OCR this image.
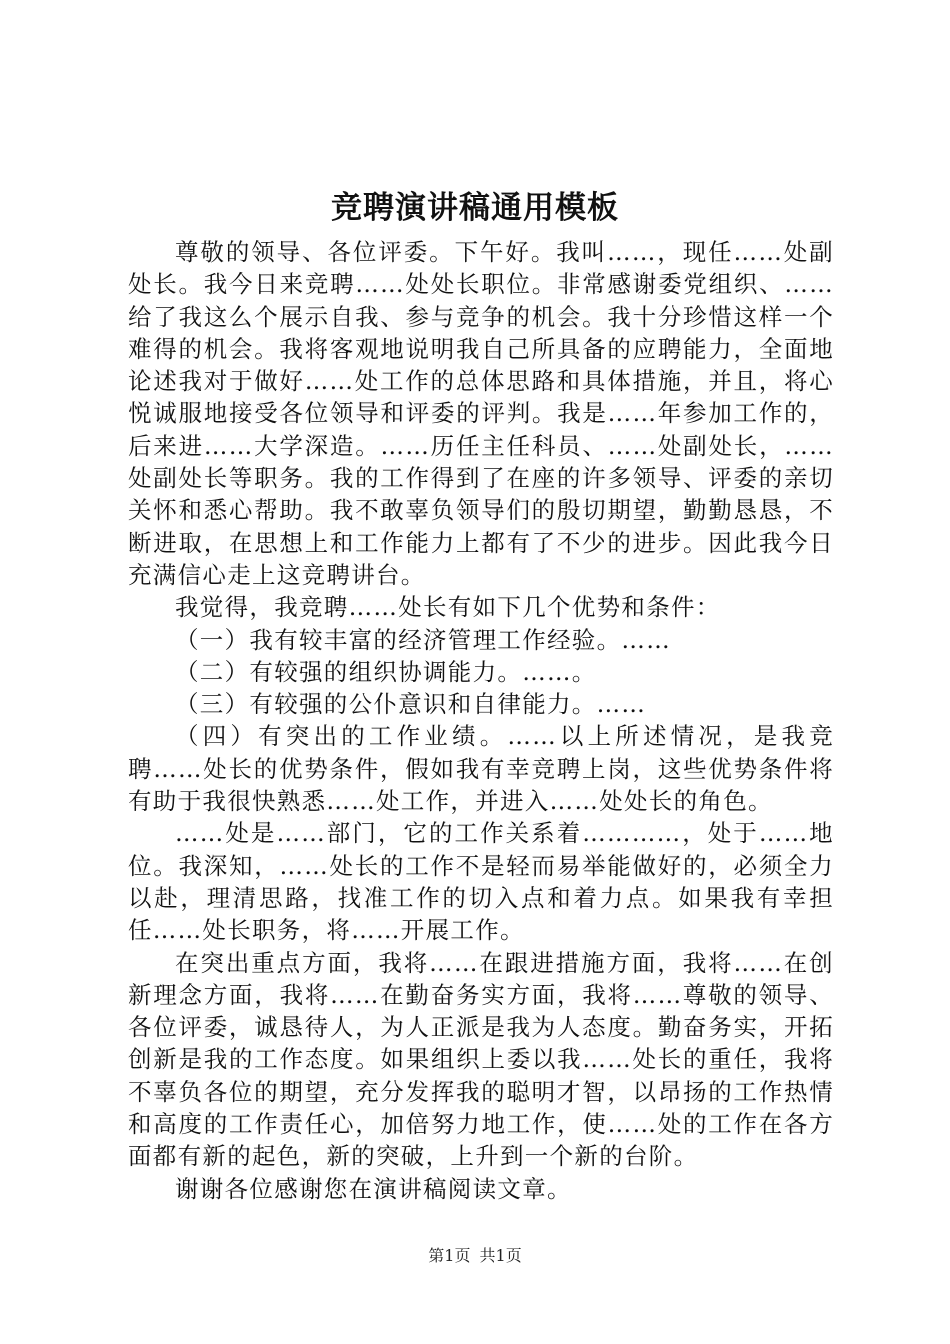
竞聘演讲稿通用模板

尊敬的领导、各位评委。下午好。我叫……，现任……处副处长。我今日来竞聘……处处长职位。非常感谢委党组织、……给了我这么个展示自我、参与竞争的机会。我十分珍惜这样一个难得的机会。我将客观地说明我自己所具备的应聘能力，全面地论述我对于做好……处工作的总体思路和具体措施，并且，将心悦诚服地接受各位领导和评委的评判。我是……年参加工作的，后来进……大学深造。……历任主任科员、……处副处长，……处副处长等职务。我的工作得到了在座的许多领导、评委的亲切关怀和悉心帮助。我不敢辜负领导们的殷切期望，勤勤恳恳，不断进取，在思想上和工作能力上都有了不少的进步。因此我今日充满信心走上这竞聘讲台。

我觉得，我竞聘……处长有如下几个优势和条件：

（一）我有较丰富的经济管理工作经验。……

（二）有较强的组织协调能力。……。

（三）有较强的公仆意识和自律能力。……

（四）有突出的工作业绩。……以上所述情况，是我竞聘……处长的优势条件，假如我有幸竞聘上岗，这些优势条件将有助于我很快熟悉……处工作，并进入……处处长的角色。

……处是……部门，它的工作关系着…………，处于……地位。我深知，……处长的工作不是轻而易举能做好的，必须全力以赴，理清思路，找准工作的切入点和着力点。如果我有幸担任……处长职务，将……开展工作。

在突出重点方面，我将……在跟进措施方面，我将……在创新理念方面，我将……在勤奋务实方面，我将……尊敬的领导、各位评委，诚恳待人，为人正派是我为人态度。勤奋务实，开拓创新是我的工作态度。如果组织上委以我……处长的重任，我将不辜负各位的期望，充分发挥我的聪明才智，以昂扬的工作热情和高度的工作责任心，加倍努力地工作，使……处的工作在各方面都有新的起色，新的突破，上升到一个新的台阶。

谢谢各位感谢您在演讲稿阅读文章。

第1页 共1页
